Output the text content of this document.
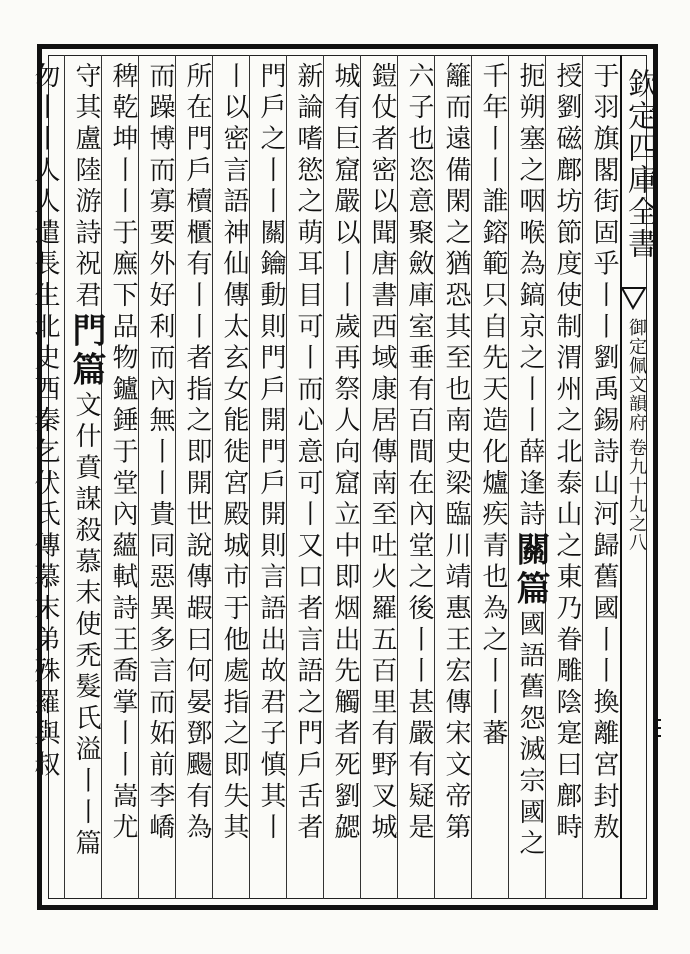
欽定四庫全書
御定佩文韻府
卷九十九之八
于羽旗閣街固乎丨丨劉禹錫詩山河歸舊國丨丨換離宮封敖
授劉磁鄜坊節度使制渭州之北泰山之東乃眷雕陰寔曰鄜畤
扼朔塞之咽喉為鎬京之丨丨薛逢詩關篇國語舊怨滅宗國之
千年丨丨誰鎔範只自先天造化爐疾青也為之丨丨蕃
籬而遠備閑之猶恐其至也南史梁臨川靖惠王宏傳宋文帝第
六子也恣意聚斂庫室垂有百間在內堂之後丨丨甚嚴有疑是
鎧仗者密以聞唐書西域康居傳南至吐火羅五百里有野叉城
城有巨窟嚴以丨丨歲再祭人向窟立中即烟出先觸者死劉勰
新論嗜慾之萌耳目可丨而心意可丨又口者言語之門戶舌者
門戶之丨丨關鑰動則門戶開門戶開則言語出故君子慎其丨
丨以密言語神仙傳太玄女能徙宮殿城市于他處指之即失其
所在門戶櫝櫃有丨丨者指之即開世說傳嘏曰何晏鄧颺有為
而躁博而寡要外好利而內無丨丨貴同惡異多言而妬前李嶠
稗乾坤丨丨于廡下品物鑪錘于堂內蘊軾詩王喬掌丨丨嵩尤
守其盧陸游詩祝君門篇文什賁謀殺慕末使禿髮氏溢丨丨篇
勿丨丨人人遣長生北史西秦乞伏氏傳慕末弟殊羅與叔
